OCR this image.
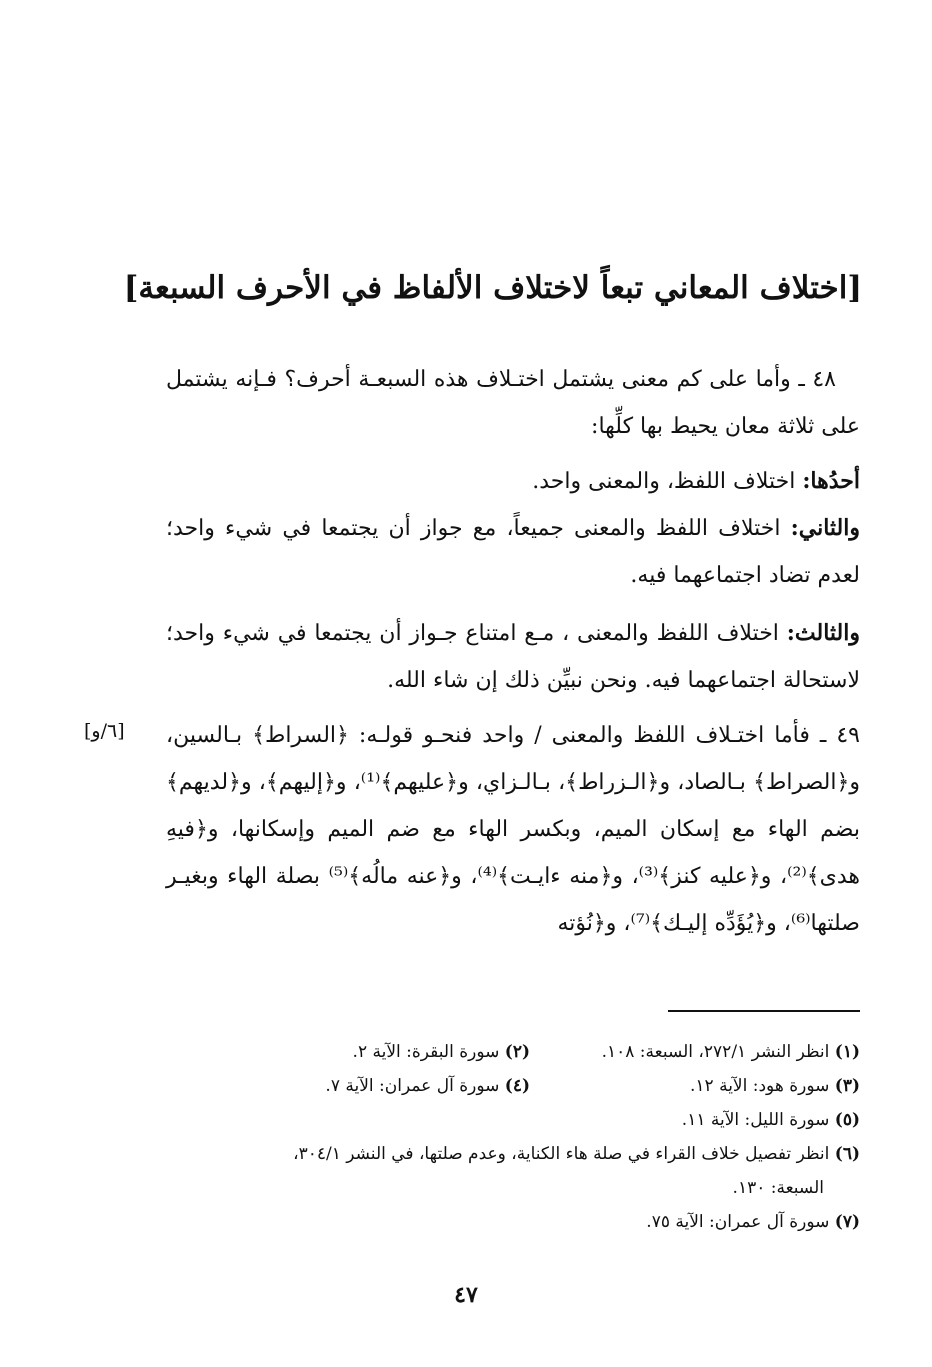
[اختلاف المعاني تبعاً لاختلاف الألفاظ في الأحرف السبعة]
٤٨ ـ وأما على كم معنى يشتمل اختـلاف هذه السبعـة أحرف؟ فـإنه يشتمل على ثلاثة معان يحيط بها كلِّها:
أحدُها: اختلاف اللفظ، والمعنى واحد.
والثاني: اختلاف اللفظ والمعنى جميعاً، مع جواز أن يجتمعا في شيء واحد؛ لعدم تضاد اجتماعهما فيه.
والثالث: اختلاف اللفظ والمعنى ، مـع امتناع جـواز أن يجتمعا في شيء واحد؛ لاستحالة اجتماعهما فيه. ونحن نبيِّن ذلك إن شاء الله.
٤٩ ـ فأما اختـلاف اللفظ والمعنى / واحد فنحـو قولـه: ﴿السراط﴾ بـالسين، و﴿الصراط﴾ بـالصاد، و﴿الـزراط﴾، بـالـزاي، و﴿عليهم﴾⁽¹⁾، و﴿إليهم﴾، و﴿لديهم﴾ بضم الهاء مع إسكان الميم، وبكسر الهاء مع ضم الميم وإسكانها، و﴿فيهِ هدى﴾⁽²⁾، و﴿عليه كنز﴾⁽³⁾، و﴿منه ءايـت﴾⁽⁴⁾، و﴿عنه مالُه﴾⁽⁵⁾ بصلة الهاء وبغيـر صلتها⁽⁶⁾، و﴿يُؤَدِّه إليـك﴾⁽⁷⁾، و﴿نُؤته
[٦/و]
(١) انظر النشر ٢٧٢/١، السبعة: ١٠٨.
(٢) سورة البقرة: الآية ٢.
(٣) سورة هود: الآية ١٢.
(٤) سورة آل عمران: الآية ٧.
(٥) سورة الليل: الآية ١١.
(٦) انظر تفصيل خلاف القراء في صلة هاء الكناية، وعدم صلتها، في النشر ٣٠٤/١،
السبعة: ١٣٠.
(٧) سورة آل عمران: الآية ٧٥.
٤٧
